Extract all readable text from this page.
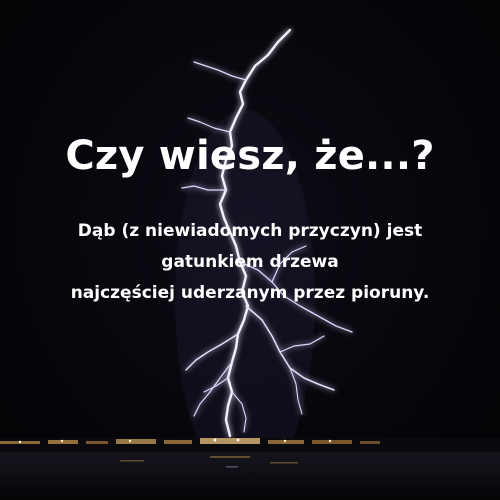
Czy wiesz, że...?

Dąb (z niewiadomych przyczyn) jest
gatunkiem drzewa
najczęściej uderzanym przez pioruny.
